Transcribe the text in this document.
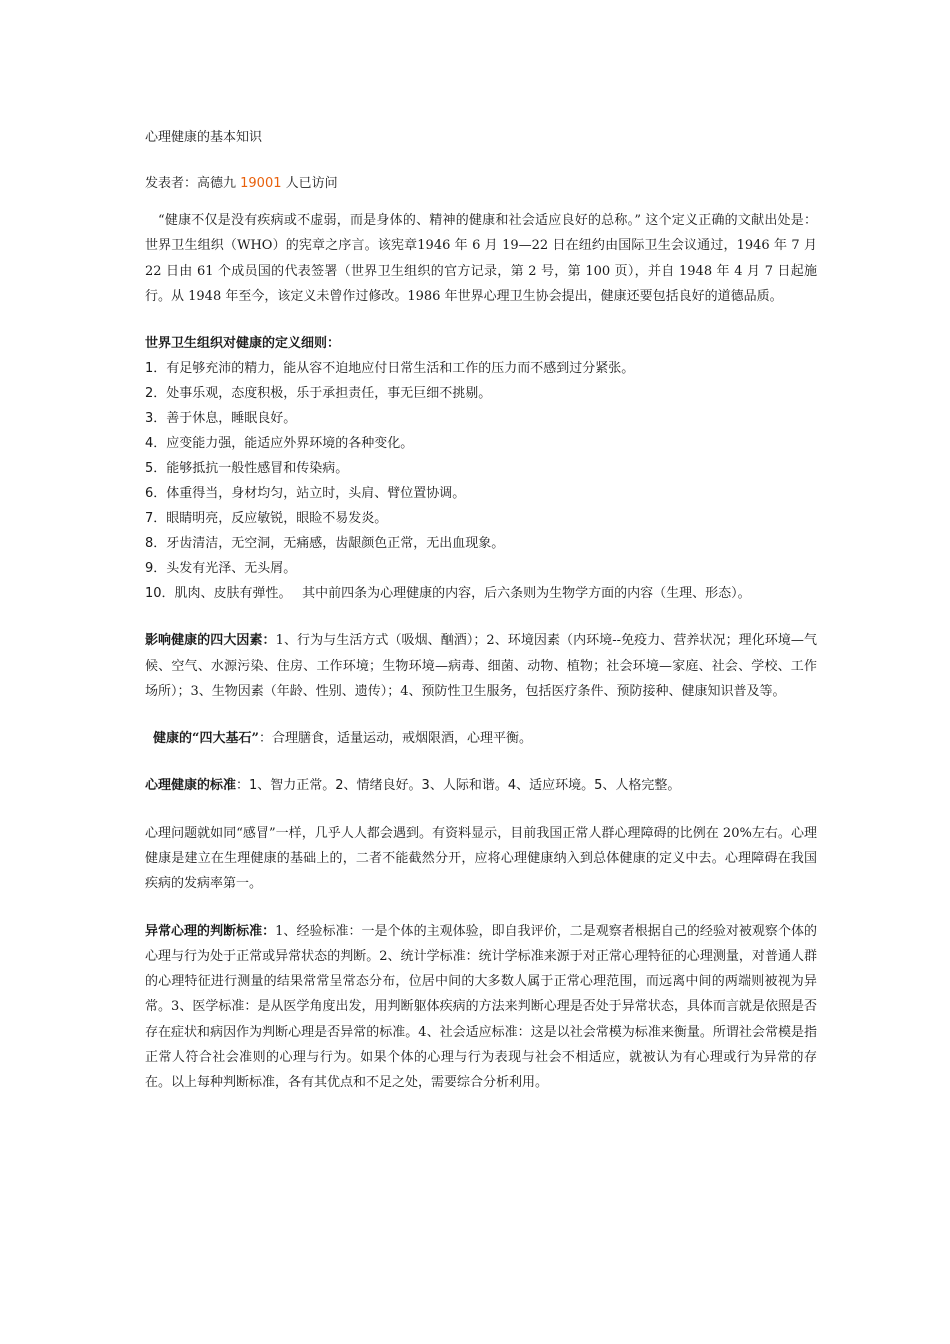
心理健康的基本知识

发表者：高德九 19001 人已访问

“健康不仅是没有疾病或不虚弱，而是身体的、精神的健康和社会适应良好的总称。” 这个定义正确的文献出处是：世界卫生组织（WHO）的宪章之序言。该宪章1946 年 6 月 19—22 日在纽约由国际卫生会议通过，1946 年 7 月 22 日由 61 个成员国的代表签署（世界卫生组织的官方记录，第 2 号，第 100 页），并自 1948 年 4 月 7 日起施行。从 1948 年至今，该定义未曾作过修改。1986 年世界心理卫生协会提出，健康还要包括良好的道德品质。

世界卫生组织对健康的定义细则：
1．有足够充沛的精力，能从容不迫地应付日常生活和工作的压力而不感到过分紧张。
2．处事乐观，态度积极，乐于承担责任，事无巨细不挑剔。
3．善于休息，睡眠良好。
4．应变能力强，能适应外界环境的各种变化。
5．能够抵抗一般性感冒和传染病。
6．体重得当，身材均匀，站立时，头肩、臂位置协调。
7．眼睛明亮，反应敏锐，眼睑不易发炎。
8．牙齿清洁，无空洞，无痛感，齿龈颜色正常，无出血现象。
9．头发有光泽、无头屑。
10．肌肉、皮肤有弹性。　 其中前四条为心理健康的内容，后六条则为生物学方面的内容（生理、形态）。

影响健康的四大因素：1、行为与生活方式（吸烟、酗酒）；2、环境因素（内环境--免疫力、营养状况；理化环境—气候、空气、水源污染、住房、工作环境；生物环境—病毒、细菌、动物、植物；社会环境—家庭、社会、学校、工作场所）；3、生物因素（年龄、性别、遗传）；4、预防性卫生服务，包括医疗条件、预防接种、健康知识普及等。

健康的“四大基石”：合理膳食，适量运动，戒烟限酒，心理平衡。

心理健康的标准：1、智力正常。2、情绪良好。3、人际和谐。4、适应环境。5、人格完整。

心理问题就如同“感冒”一样，几乎人人都会遇到。有资料显示，目前我国正常人群心理障碍的比例在 20%左右。心理健康是建立在生理健康的基础上的，二者不能截然分开，应将心理健康纳入到总体健康的定义中去。心理障碍在我国疾病的发病率第一。

异常心理的判断标准：1、经验标准：一是个体的主观体验，即自我评价，二是观察者根据自己的经验对被观察个体的心理与行为处于正常或异常状态的判断。2、统计学标准：统计学标准来源于对正常心理特征的心理测量，对普通人群的心理特征进行测量的结果常常呈常态分布，位居中间的大多数人属于正常心理范围，而远离中间的两端则被视为异常。3、医学标准：是从医学角度出发，用判断躯体疾病的方法来判断心理是否处于异常状态，具体而言就是依照是否存在症状和病因作为判断心理是否异常的标准。4、社会适应标准：这是以社会常模为标准来衡量。所谓社会常模是指正常人符合社会准则的心理与行为。如果个体的心理与行为表现与社会不相适应，就被认为有心理或行为异常的存在。以上每种判断标准，各有其优点和不足之处，需要综合分析利用。
